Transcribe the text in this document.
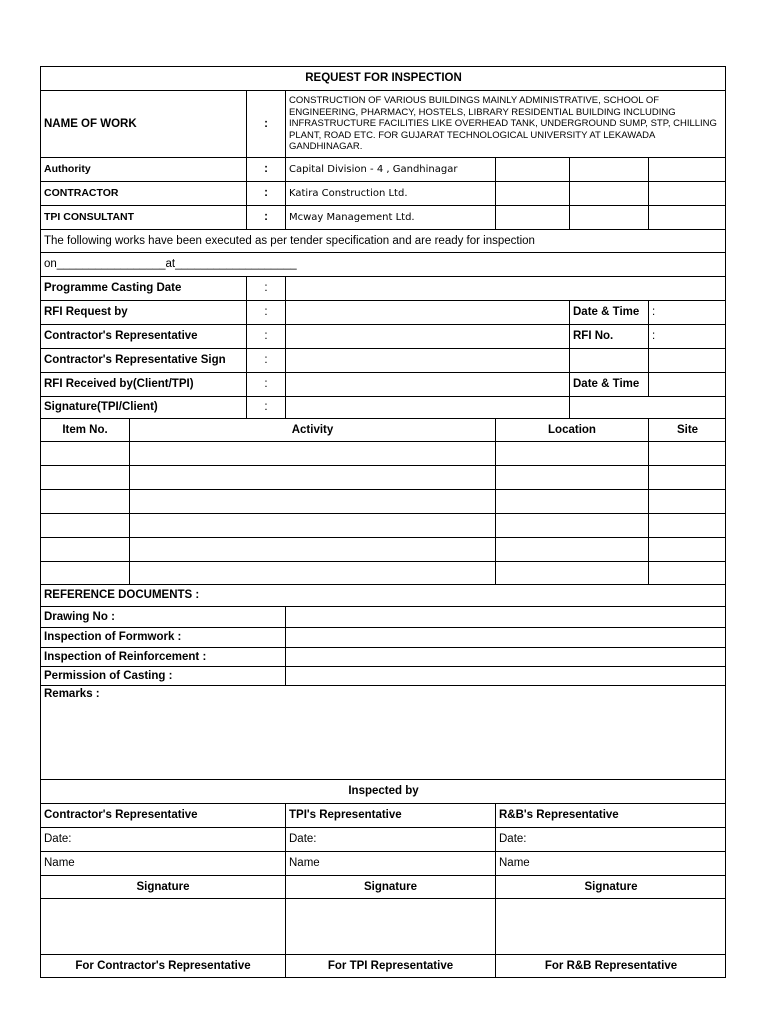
REQUEST FOR INSPECTION
NAME OF WORK	:
CONSTRUCTION OF VARIOUS BUILDINGS MAINLY ADMINISTRATIVE, SCHOOL OF ENGINEERING, PHARMACY, HOSTELS, LIBRARY RESIDENTIAL BUILDING INCLUDING INFRASTRUCTURE FACILITIES LIKE OVERHEAD TANK, UNDERGROUND SUMP, STP, CHILLING PLANT, ROAD ETC. FOR GUJARAT TECHNOLOGICAL UNIVERSITY AT LEKAWADA GANDHINAGAR.
Authority	:	Capital Division - 4 , Gandhinagar
CONTRACTOR	:	Katira Construction Ltd.
TPI CONSULTANT	:	Mcway Management Ltd.
The following works have been executed as per tender specification and are ready for inspection
on_________________at___________________
Programme Casting Date	:
RFI Request by	:	Date & Time	:
Contractor's Representative	:	RFI No.	:
Contractor's Representative Sign	:
RFI Received by(Client/TPI)	:	Date & Time
Signature(TPI/Client)	:
Item No.	Activity	Location	Site
REFERENCE DOCUMENTS :
Drawing No :
Inspection of Formwork :
Inspection of Reinforcement :
Permission of Casting :
Remarks :
Inspected by
Contractor's Representative	TPI's Representative	R&B's Representative
Date:	Date:	Date:
Name	Name	Name
Signature	Signature	Signature
For Contractor's Representative	For TPI Representative	For R&B Representative
